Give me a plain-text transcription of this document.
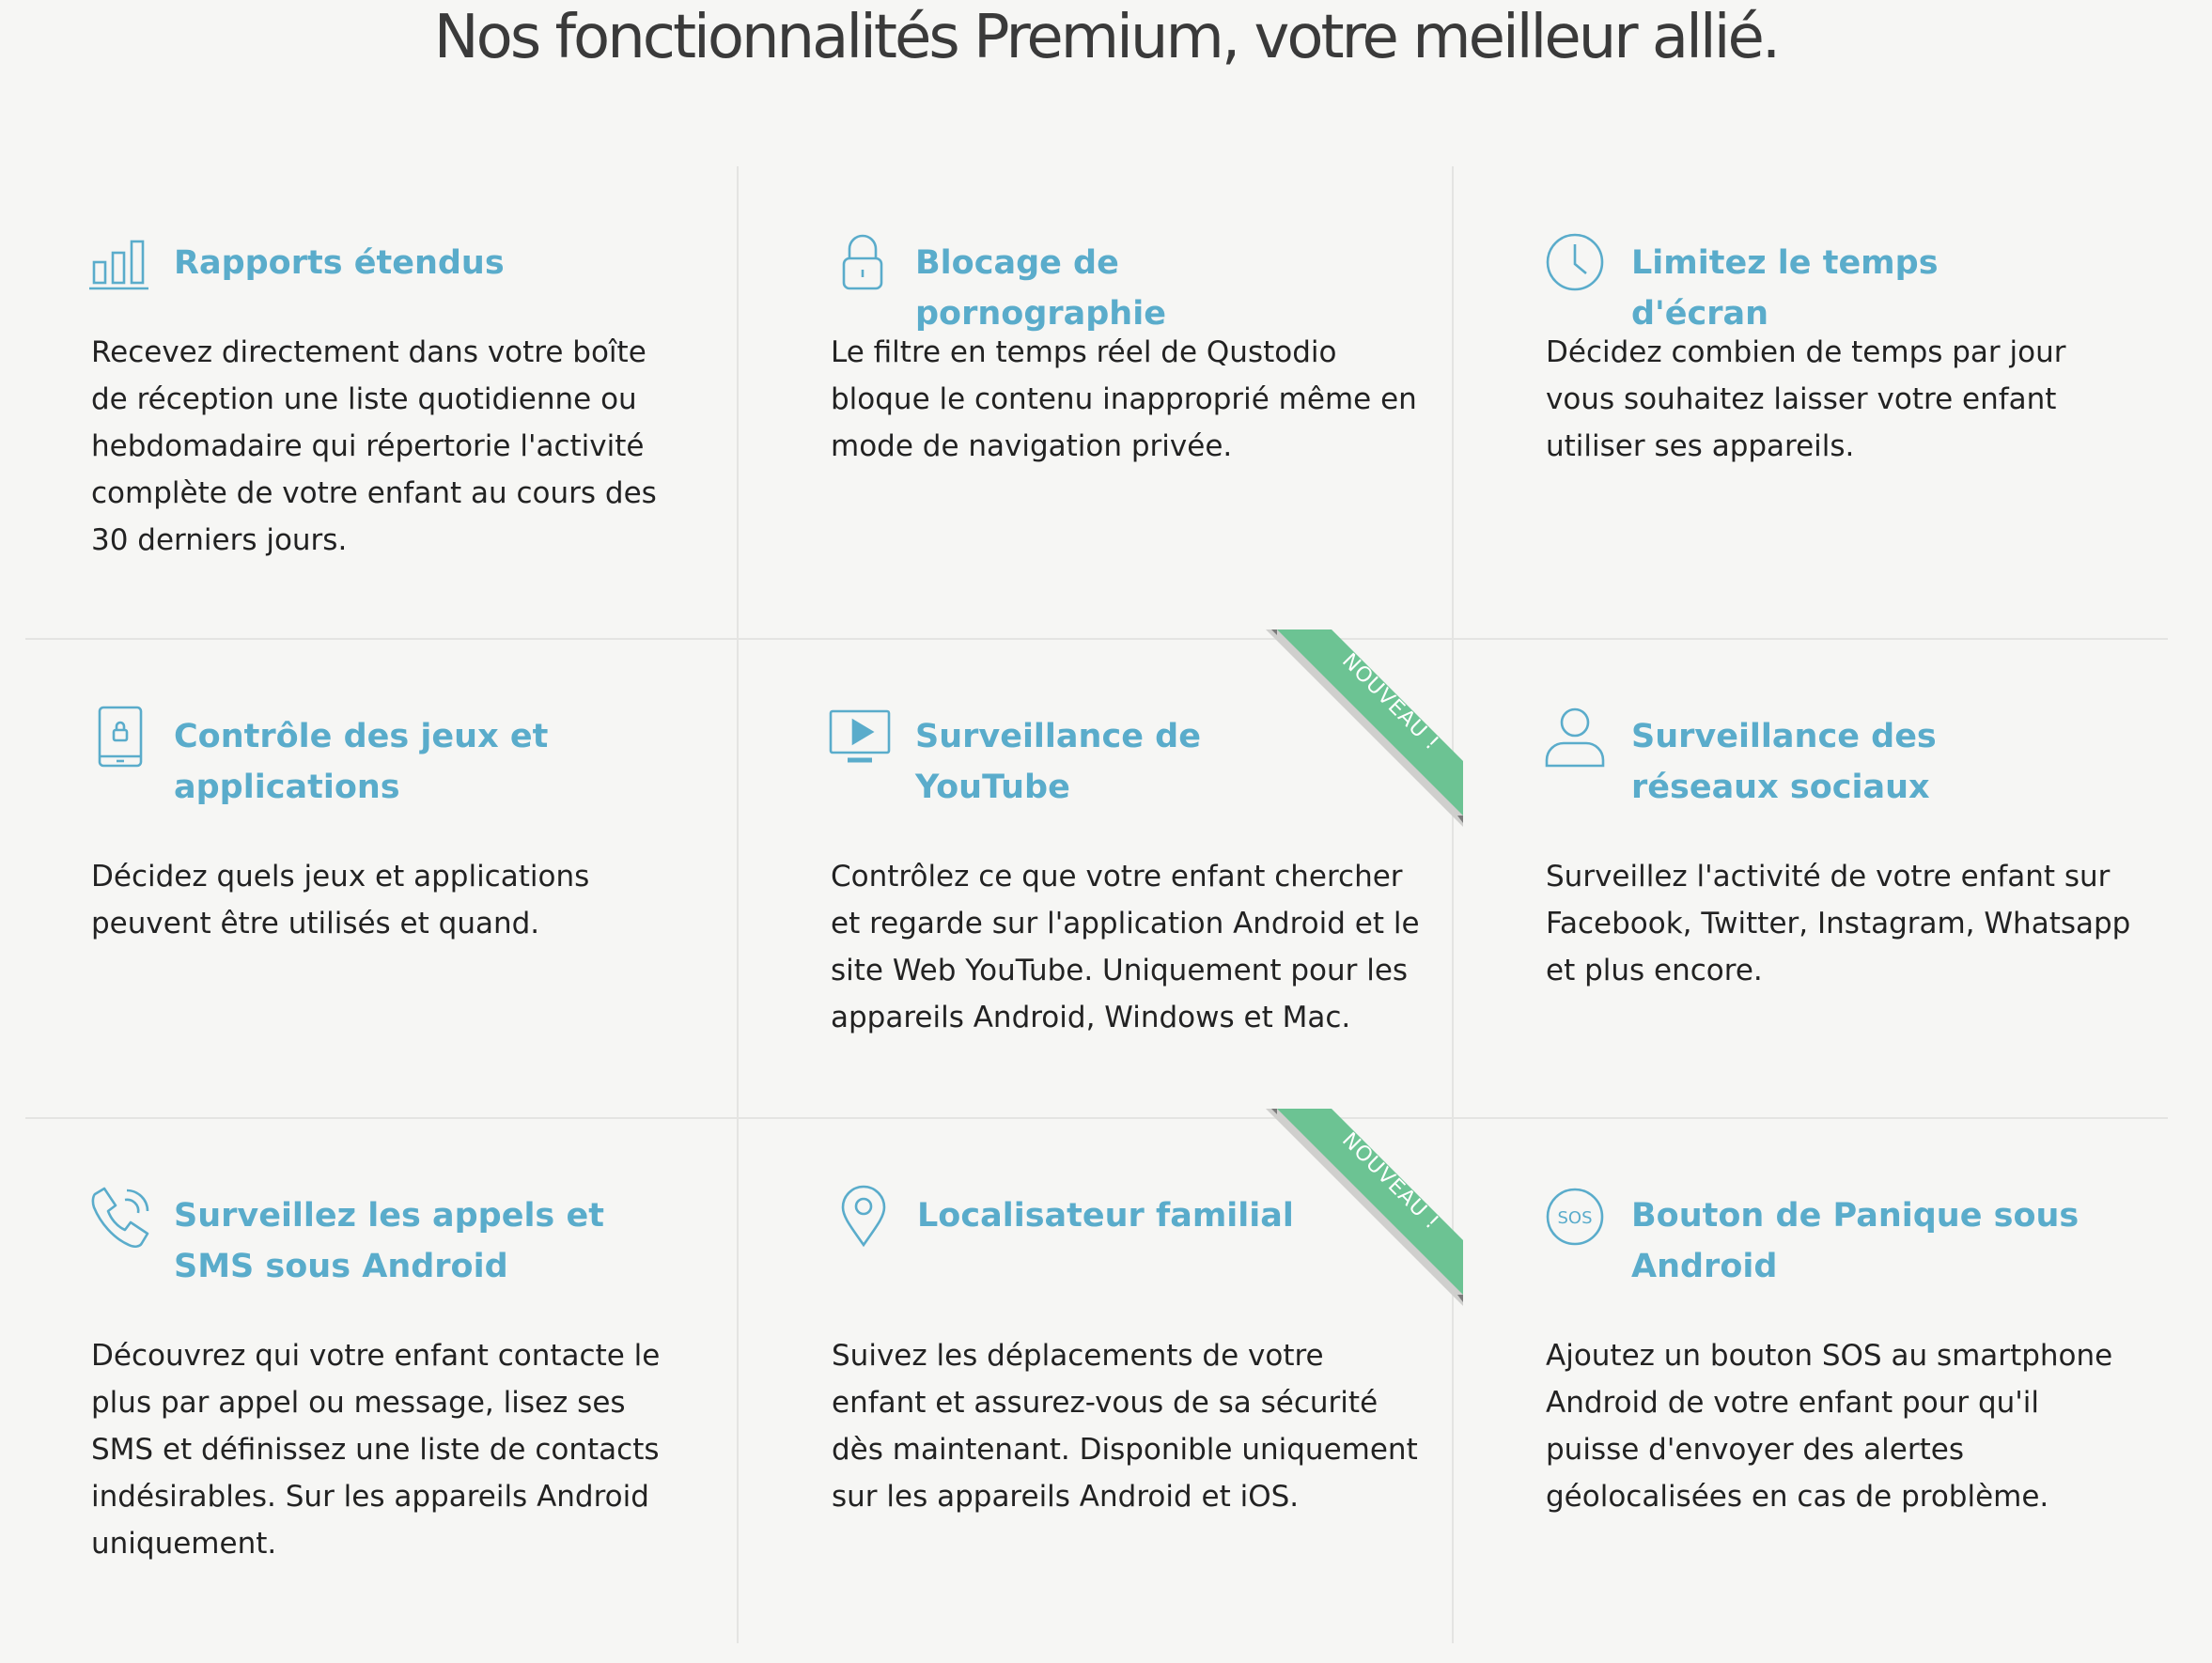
Nos fonctionnalités Premium, votre meilleur allié.
Rapports étendus

Recevez directement dans votre boîte de réception une liste quotidienne ou hebdomadaire qui répertorie l'activité complète de votre enfant au cours des 30 derniers jours.

Blocage de pornographie

Le filtre en temps réel de Qustodio bloque le contenu inapproprié même en mode de navigation privée.

Limitez le temps d'écran

Décidez combien de temps par jour vous souhaitez laisser votre enfant utiliser ses appareils.

Contrôle des jeux et applications

Décidez quels jeux et applications peuvent être utilisés et quand.

Surveillance de YouTube

Contrôlez ce que votre enfant chercher et regarde sur l'application Android et le site Web YouTube. Uniquement pour les appareils Android, Windows et Mac.

Surveillance des réseaux sociaux

Surveillez l'activité de votre enfant sur Facebook, Twitter, Instagram, Whatsapp et plus encore.

Surveillez les appels et SMS sous Android

Découvrez qui votre enfant contacte le plus par appel ou message, lisez ses SMS et définissez une liste de contacts indésirables. Sur les appareils Android uniquement.

Localisateur familial

Suivez les déplacements de votre enfant et assurez-vous de sa sécurité dès maintenant. Disponible uniquement sur les appareils Android et iOS.

SOS Bouton de Panique sous Android

Ajoutez un bouton SOS au smartphone Android de votre enfant pour qu'il puisse d'envoyer des alertes géolocalisées en cas de problème.

NOUVEAU !
NOUVEAU !
